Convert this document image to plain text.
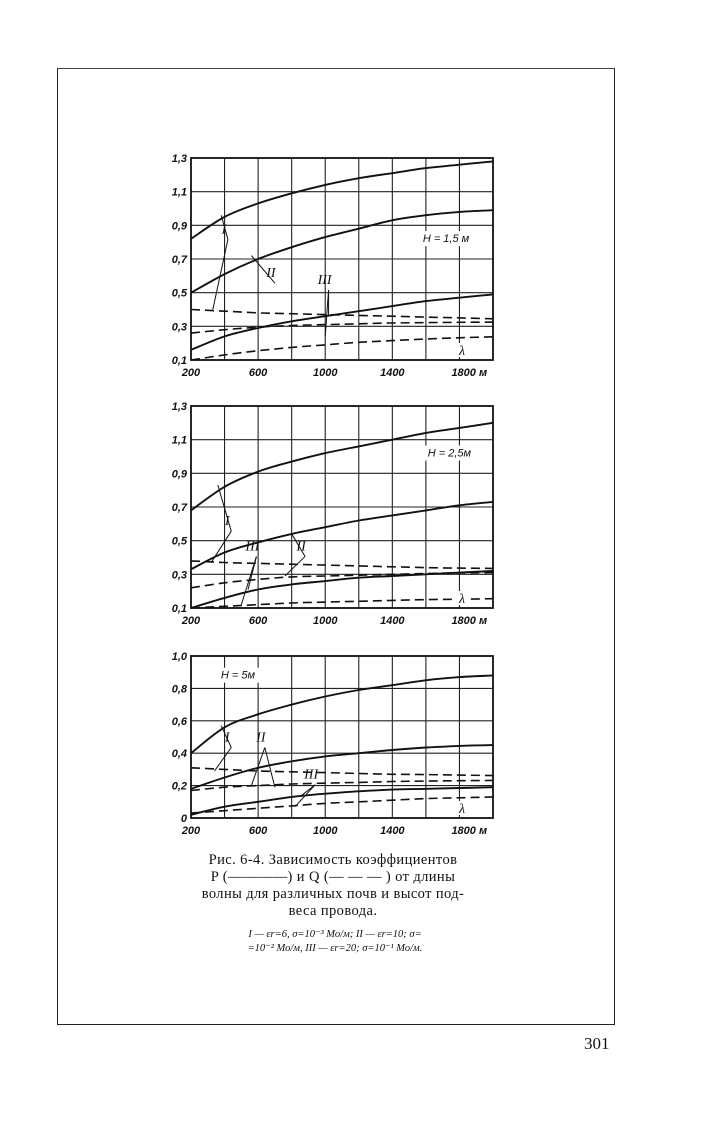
I
II	III
H = 1,5 м
λ
1,3
1,1
0,9
0,7
0,5
0,3
0,1
200	600	1000	1400	1800 м
I
II
III
H = 2,5м
λ
1,3
1,1
0,9
0,7
0,5
0,3
0,1
200	600	1000	1400	1800 м
I II
III
H = 5м
λ
1,0
0,8
0,6
0,4
0,2
0
200	600	1000	1400	1800 м
Рис. 6-4. Зависимость коэффициентов
P (————) и Q (— — — ) от длины
волны для различных почв и высот под-
веса провода.
I — εr=6, σ=10⁻³ Мо/м; II — εr=10; σ=
=10⁻² Мо/м, III — εr=20; σ=10⁻¹ Мо/м.
301
